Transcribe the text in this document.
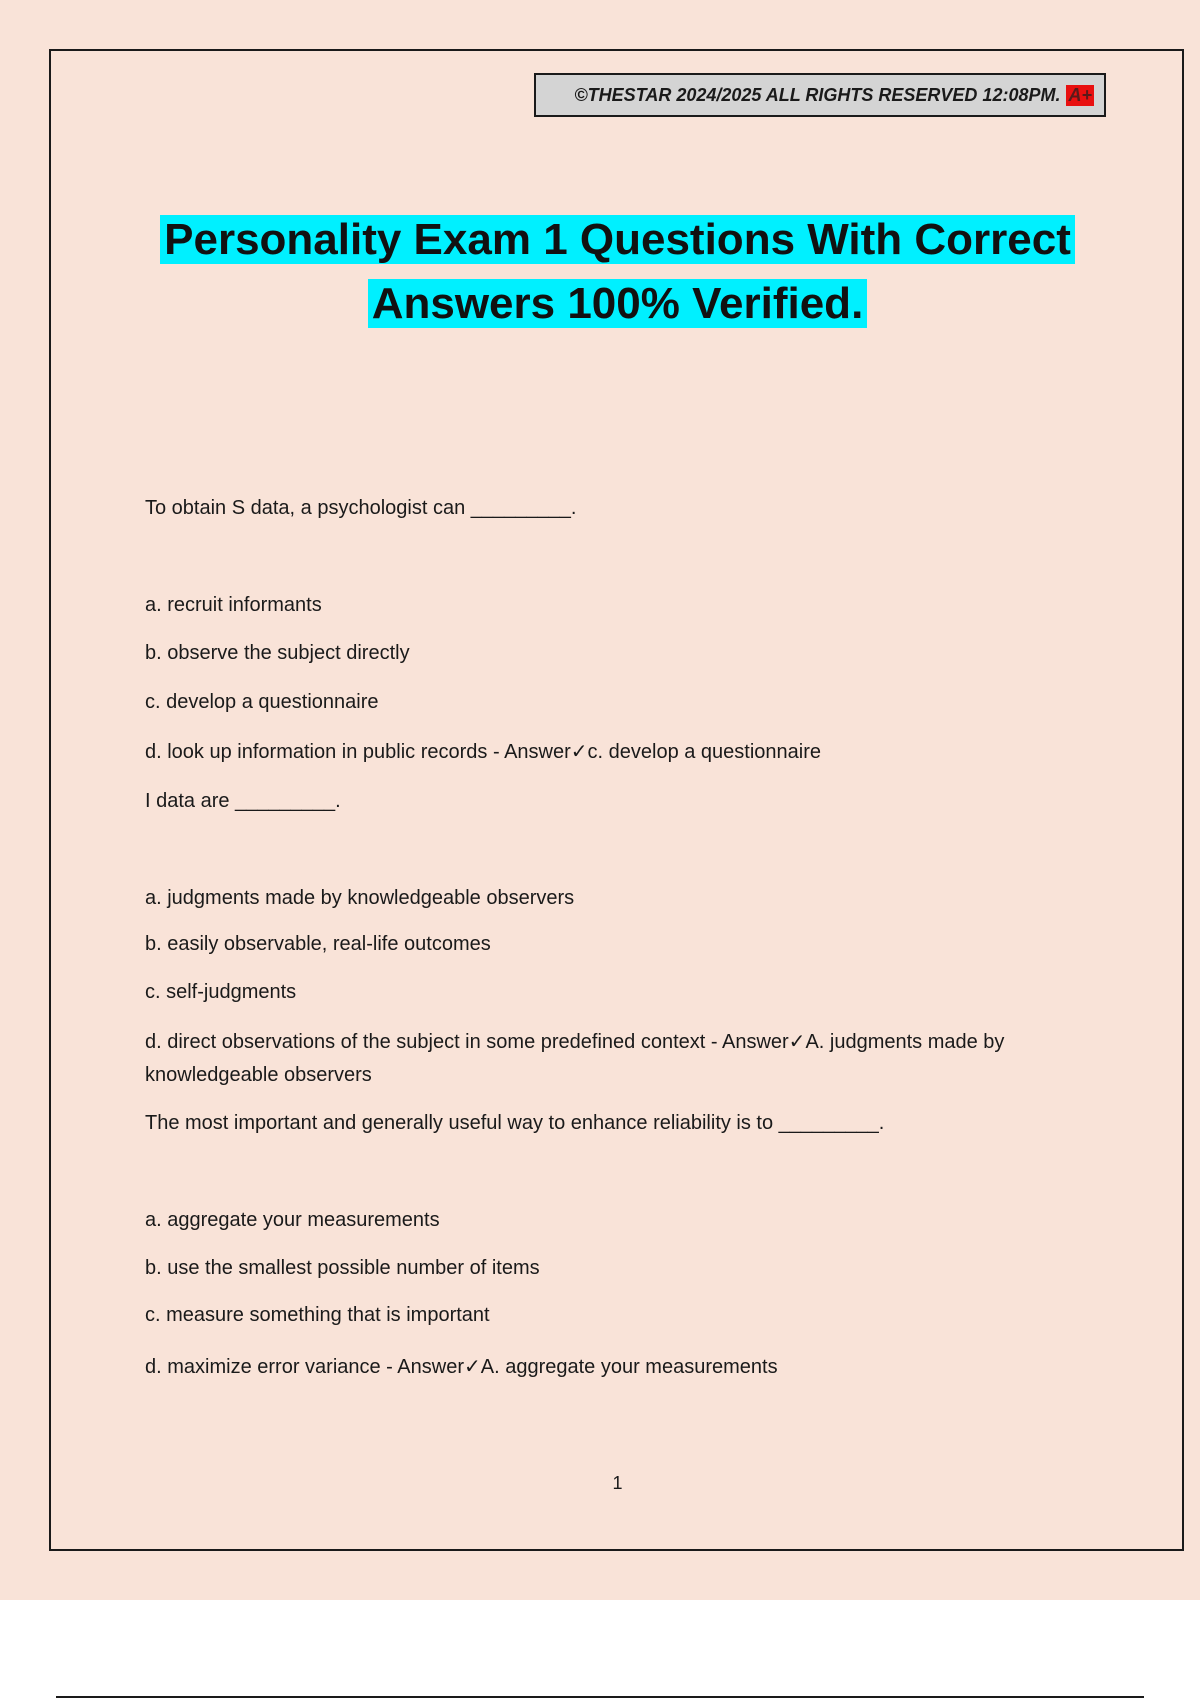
©THESTAR 2024/2025 ALL RIGHTS RESERVED 12:08PM. A+
Personality Exam 1 Questions With Correct
Answers 100% Verified.
To obtain S data, a psychologist can _________.
a. recruit informants
b. observe the subject directly
c. develop a questionnaire
d. look up information in public records - Answer✓c. develop a questionnaire
I data are _________.
a. judgments made by knowledgeable observers
b. easily observable, real-life outcomes
c. self-judgments
d. direct observations of the subject in some predefined context - Answer✓A. judgments made by knowledgeable observers
The most important and generally useful way to enhance reliability is to _________.
a. aggregate your measurements
b. use the smallest possible number of items
c. measure something that is important
d. maximize error variance - Answer✓A. aggregate your measurements
1
